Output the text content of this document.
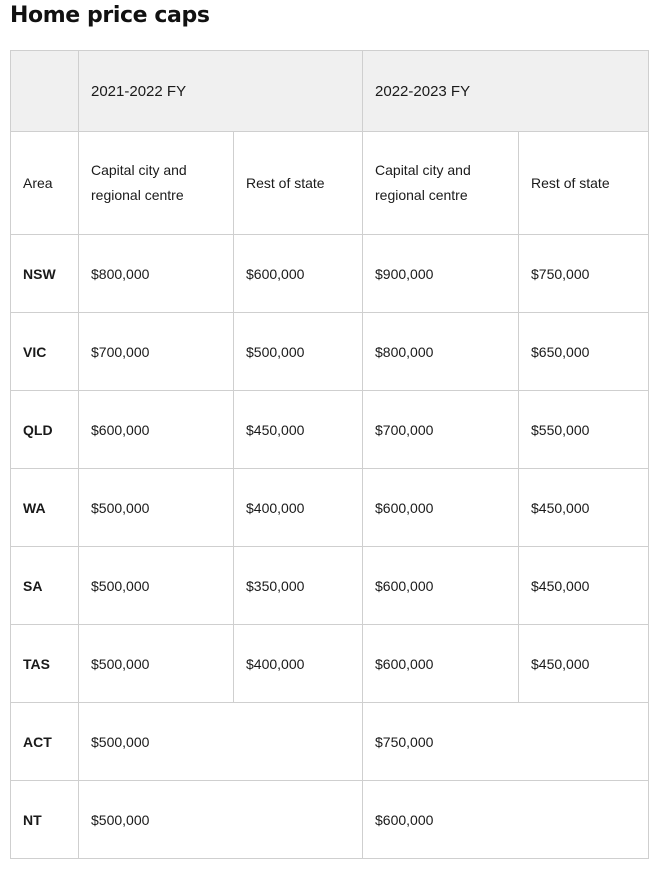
Home price caps
	2021-2022 FY		2022-2023 FY	
Area	Capital city and regional centre	Rest of state	Capital city and regional centre	Rest of state
NSW	$800,000	$600,000	$900,000	$750,000
VIC	$700,000	$500,000	$800,000	$650,000
QLD	$600,000	$450,000	$700,000	$550,000
WA	$500,000	$400,000	$600,000	$450,000
SA	$500,000	$350,000	$600,000	$450,000
TAS	$500,000	$400,000	$600,000	$450,000
ACT	$500,000		$750,000	
NT	$500,000		$600,000	
